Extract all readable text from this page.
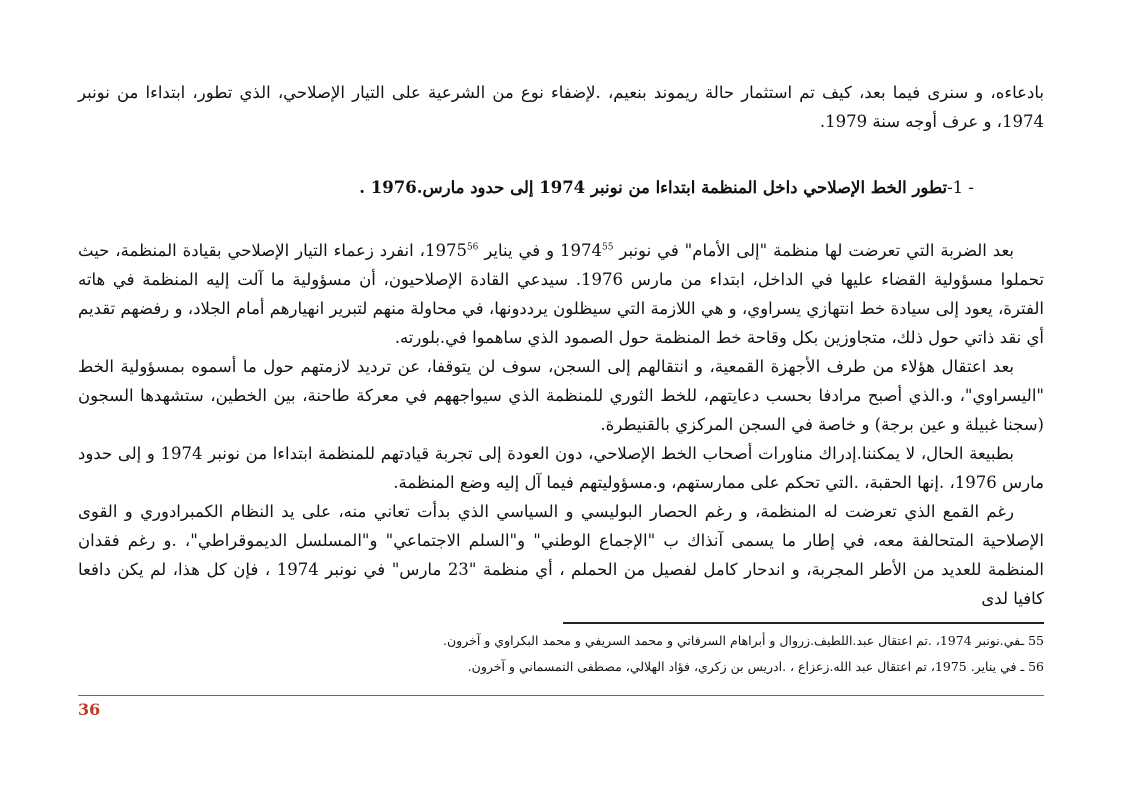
بادعاءه، و سنرى فيما بعد، كيف تم استثمار حالة ريموند بنعيم، .لإضفاء نوع من الشرعية على التيار الإصلاحي، الذي تطور، ابتداءا من نونبر 1974، و عرف أوجه سنة 1979.

- 1-تطور الخط الإصلاحي داخل المنظمة ابتداءا من نونبر 1974 إلى حدود مارس.1976 .

بعد الضربة التي تعرضت لها منظمة "إلى الأمام" في نونبر 1974$^{55}$ و في يناير 1975$^{56}$، انفرد زعماء التيار الإصلاحي بقيادة المنظمة، حيث تحملوا مسؤولية القضاء عليها في الداخل، ابتداء من مارس 1976. سيدعي القادة الإصلاحيون، أن مسؤولية ما آلت إليه المنظمة في هاته الفترة، يعود إلى سيادة خط انتهازي يسراوي، و هي اللازمة التي سيظلون يرددونها، في محاولة منهم لتبرير انهيارهم أمام الجلاد، و رفضهم تقديم أي نقد ذاتي حول ذلك، متجاوزين بكل وقاحة خط المنظمة حول الصمود الذي ساهموا في.بلورته.

بعد اعتقال هؤلاء من طرف الأجهزة القمعية، و انتقالهم إلى السجن، سوف لن يتوقفا، عن ترديد لازمتهم حول ما أسموه بمسؤولية الخط "اليسراوي"، و.الذي أصبح مرادفا بحسب دعايتهم، للخط الثوري للمنظمة الذي سيواجههم في معركة طاحنة، بين الخطين، ستشهدها السجون (سجنا غبيلة و عين برجة) و خاصة في السجن المركزي بالقنيطرة.

بطبيعة الحال، لا يمكننا.إدراك مناورات أصحاب الخط الإصلاحي، دون العودة إلى تجربة قيادتهم للمنظمة ابتداءا من نونبر 1974 و إلى حدود مارس 1976، .إنها الحقبة، .التي تحكم على ممارستهم، و.مسؤوليتهم فيما آل إليه وضع المنظمة.

رغم القمع الذي تعرضت له المنظمة، و رغم الحصار البوليسي و السياسي الذي بدأت تعاني منه، على يد النظام الكمبرادوري و القوى الإصلاحية المتحالفة معه، في إطار ما يسمى آنذاك ب "الإجماع الوطني" و"السلم الاجتماعي" و"المسلسل الديموقراطي"، .و رغم فقدان المنظمة للعديد من الأطر المجربة، و اندحار كامل لفصيل من الحملم ، أي منظمة "23 مارس" في نونبر 1974 ، فإن كل هذا، لم يكن دافعا كافيا لدى

55 ـفي.نونبر 1974، .تم اعتقال عبد.اللطيف.زروال و أبراهام السرفاتي و محمد السريفي و محمد البكراوي و آخرون.
56 ـ في يناير. 1975، تم اعتقال عبد الله.زعزاع ، .ادريس بن زكري، فؤاد الهلالي، مصطفى التمسماني و آخرون.
36
